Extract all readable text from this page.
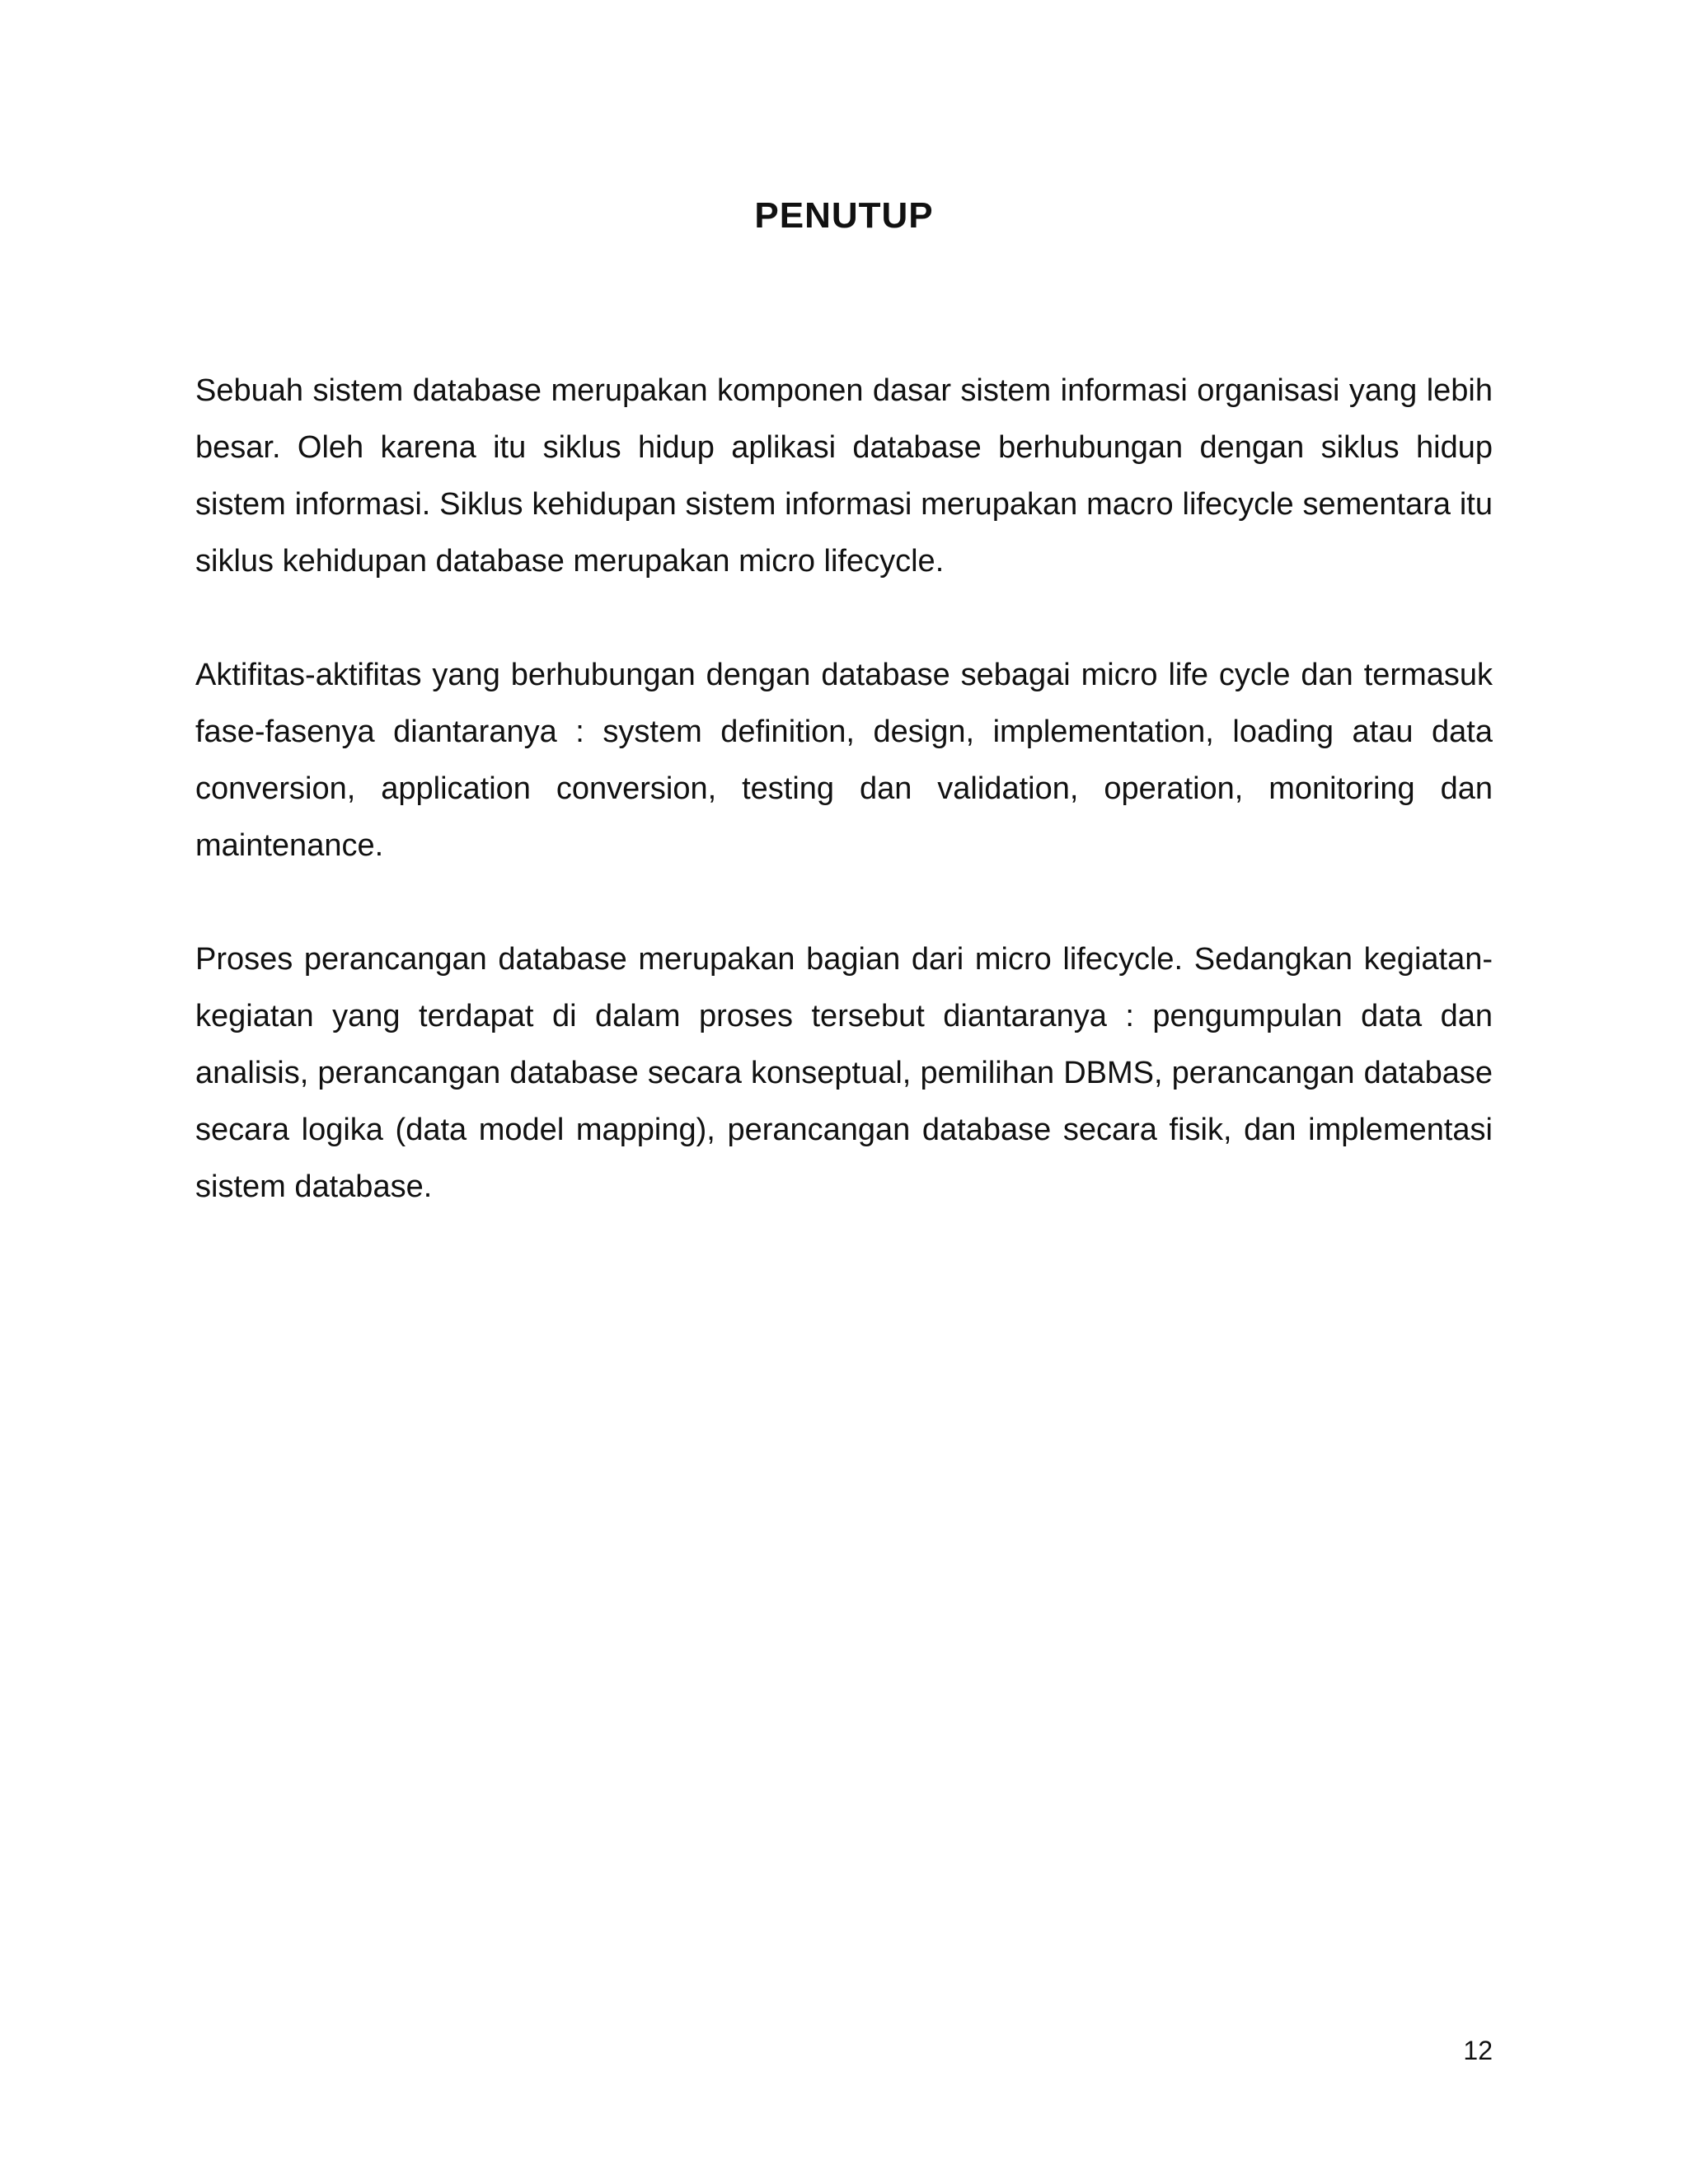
PENUTUP

Sebuah sistem database merupakan komponen dasar sistem informasi organisasi yang lebih besar. Oleh karena itu siklus hidup aplikasi database berhubungan dengan siklus hidup sistem informasi. Siklus kehidupan sistem informasi merupakan macro lifecycle sementara itu siklus kehidupan database merupakan micro lifecycle.

Aktifitas-aktifitas yang berhubungan dengan database sebagai micro life cycle dan termasuk fase-fasenya diantaranya : system definition, design, implementation, loading atau data conversion, application conversion, testing dan validation, operation, monitoring dan maintenance.

Proses perancangan database merupakan bagian dari micro lifecycle. Sedangkan kegiatan-kegiatan yang terdapat di dalam proses tersebut diantaranya : pengumpulan data dan analisis, perancangan database secara konseptual, pemilihan DBMS, perancangan database secara logika (data model mapping), perancangan database secara fisik, dan implementasi sistem database.

12
